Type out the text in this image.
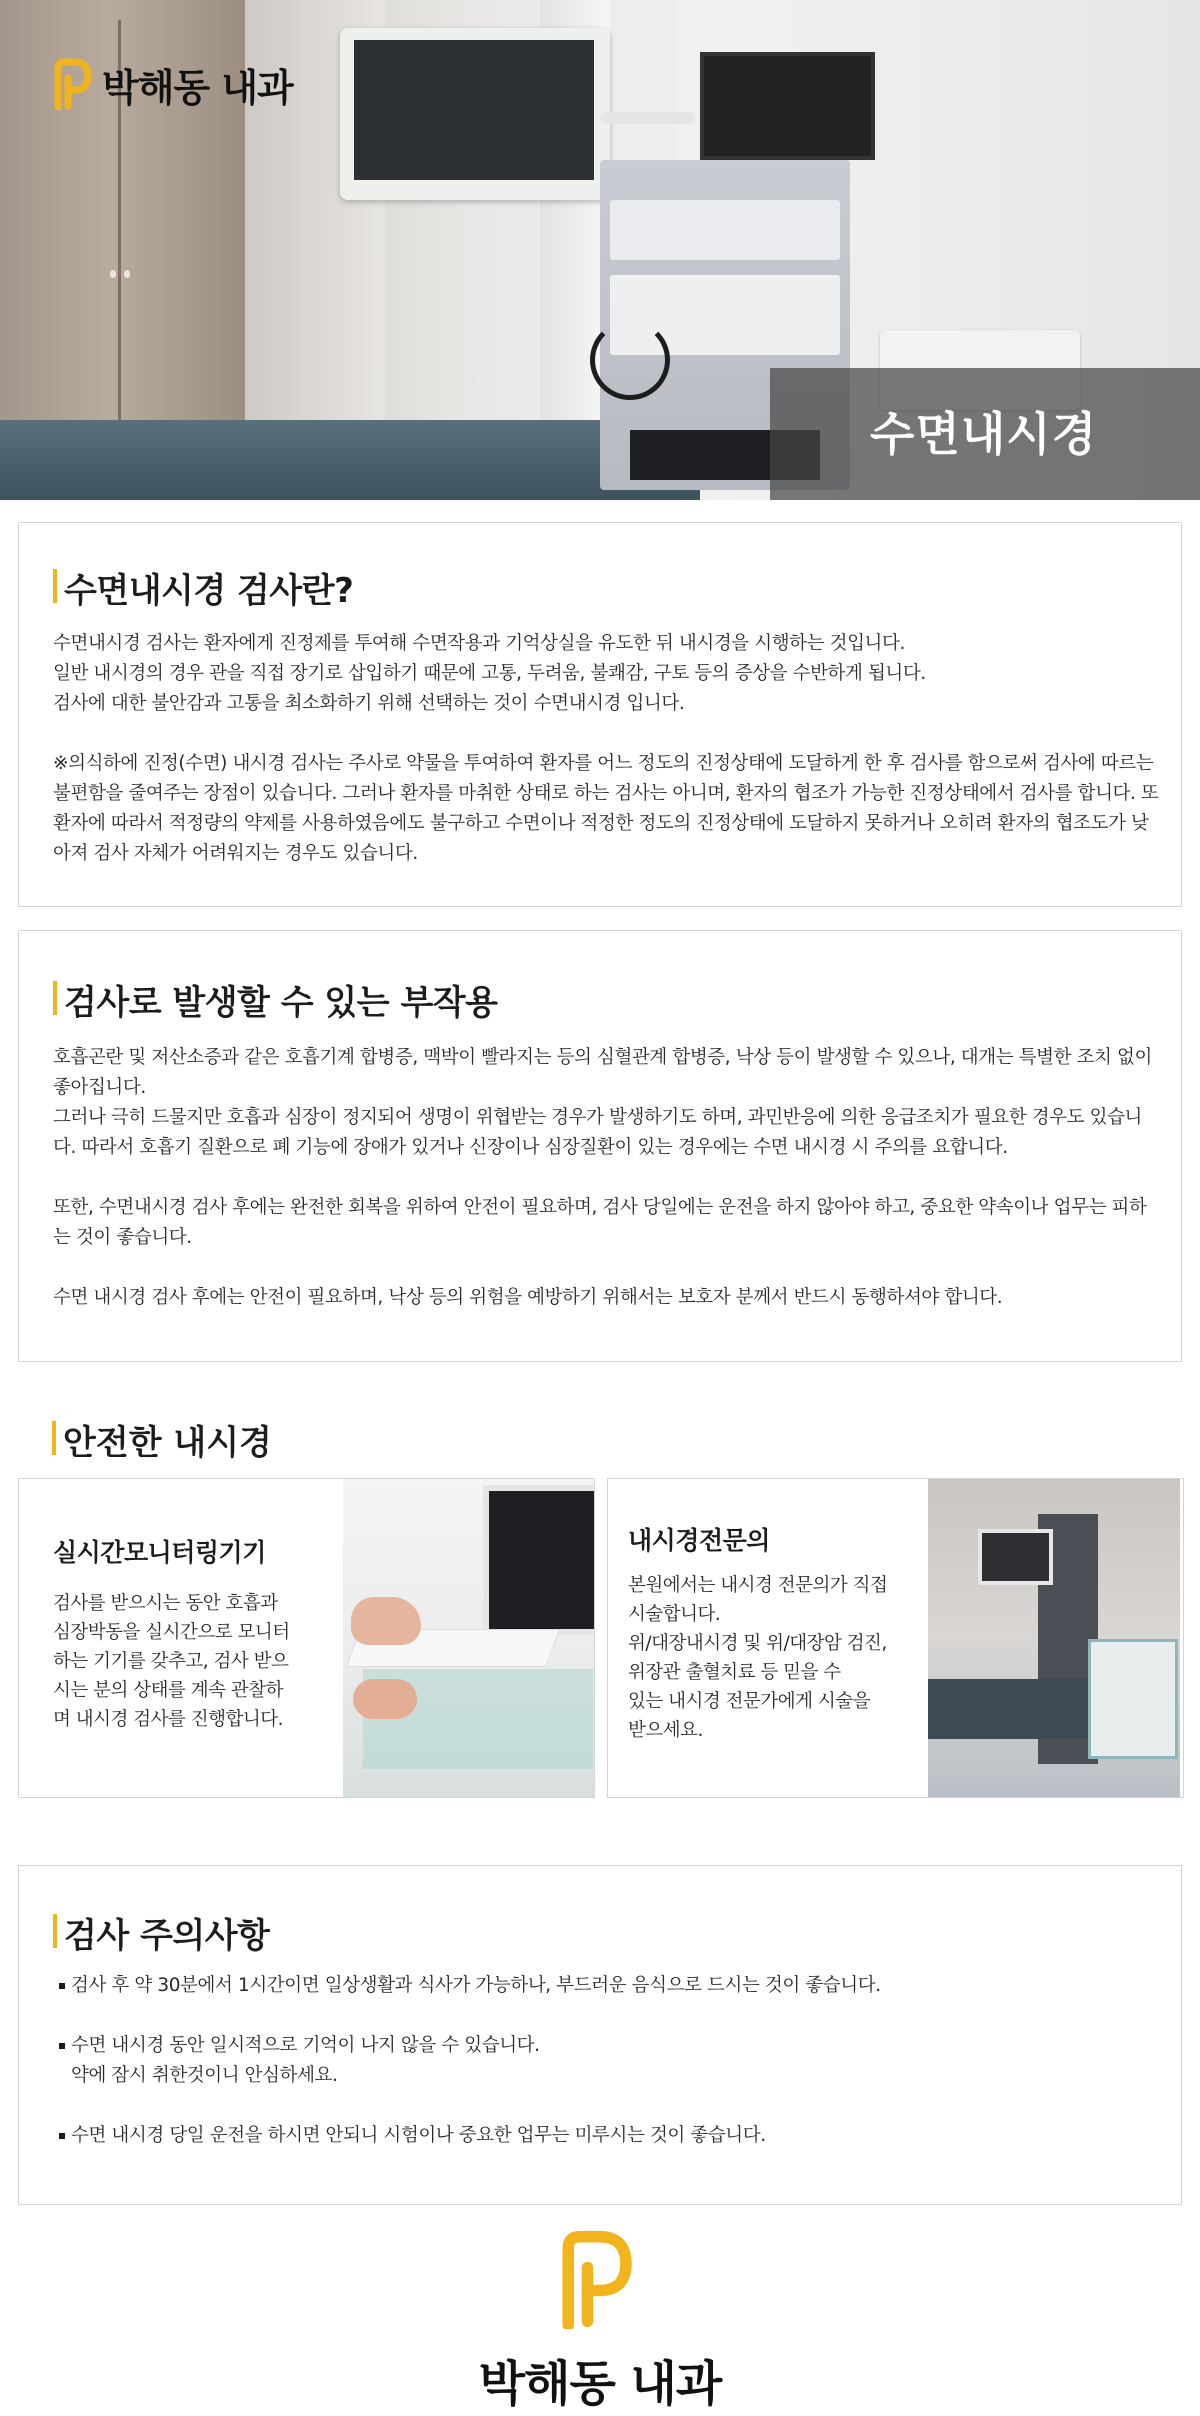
수면내시경
박해동 내과
수면내시경 검사란?

수면내시경 검사는 환자에게 진정제를 투여해 수면작용과 기억상실을 유도한 뒤 내시경을 시행하는 것입니다.

일반 내시경의 경우 관을 직접 장기로 삽입하기 때문에 고통, 두려움, 불쾌감, 구토 등의 증상을 수반하게 됩니다.

검사에 대한 불안감과 고통을 최소화하기 위해 선택하는 것이 수면내시경 입니다.

※의식하에 진정(수면) 내시경 검사는 주사로 약물을 투여하여 환자를 어느 정도의 진정상태에 도달하게 한 후 검사를 함으로써 검사에 따르는 불편함을 줄여주는 장점이 있습니다. 그러나 환자를 마취한 상태로 하는 검사는 아니며, 환자의 협조가 가능한 진정상태에서 검사를 합니다. 또 환자에 따라서 적정량의 약제를 사용하였음에도 불구하고 수면이나 적정한 정도의 진정상태에 도달하지 못하거나 오히려 환자의 협조도가 낮아져 검사 자체가 어려워지는 경우도 있습니다.

검사로 발생할 수 있는 부작용

호흡곤란 및 저산소증과 같은 호흡기계 합병증, 맥박이 빨라지는 등의 심혈관계 합병증, 낙상 등이 발생할 수 있으나, 대개는 특별한 조치 없이 좋아집니다.

그러나 극히 드물지만 호흡과 심장이 정지되어 생명이 위협받는 경우가 발생하기도 하며, 과민반응에 의한 응급조치가 필요한 경우도 있습니다. 따라서 호흡기 질환으로 폐 기능에 장애가 있거나 신장이나 심장질환이 있는 경우에는 수면 내시경 시 주의를 요합니다.

또한, 수면내시경 검사 후에는 완전한 회복을 위하여 안전이 필요하며, 검사 당일에는 운전을 하지 않아야 하고, 중요한 약속이나 업무는 피하는 것이 좋습니다.

수면 내시경 검사 후에는 안전이 필요하며, 낙상 등의 위험을 예방하기 위해서는 보호자 분께서 반드시 동행하셔야 합니다.

안전한 내시경
실시간모니터링기기
검사를 받으시는 동안 호흡과
심장박동을 실시간으로 모니터
하는 기기를 갖추고, 검사 받으
시는 분의 상태를 계속 관찰하
며 내시경 검사를 진행합니다.
내시경전문의
본원에서는 내시경 전문의가 직접
시술합니다.
위/대장내시경 및 위/대장암 검진,
위장관 출혈치료 등 믿을 수
있는 내시경 전문가에게 시술을
받으세요.
검사 주의사항
검사 후 약 30분에서 1시간이면 일상생활과 식사가 가능하나, 부드러운 음식으로 드시는 것이 좋습니다.
수면 내시경 동안 일시적으로 기억이 나지 않을 수 있습니다.
약에 잠시 취한것이니 안심하세요.
수면 내시경 당일 운전을 하시면 안되니 시험이나 중요한 업무는 미루시는 것이 좋습니다.
박해동 내과
